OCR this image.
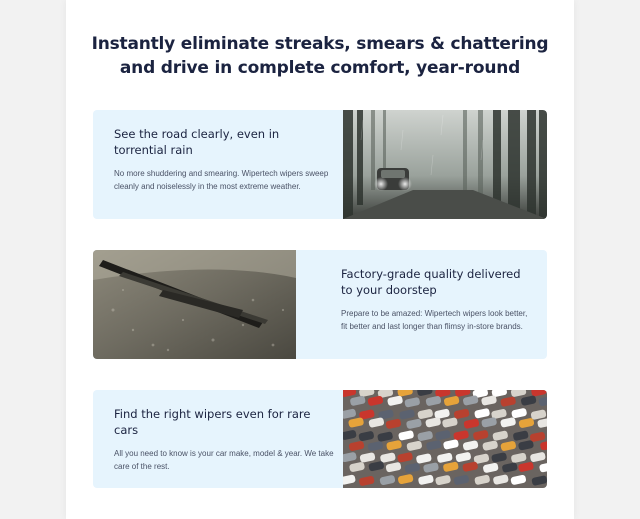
Instantly eliminate streaks, smears & chattering
and drive in complete comfort, year-round
See the road clearly, even in torrential rain

No more shuddering and smearing. Wipertech wipers sweep cleanly and noiselessly in the most extreme weather.

Factory-grade quality delivered to your doorstep

Prepare to be amazed: Wipertech wipers look better, fit better and last longer than flimsy in-store brands.

Find the right wipers even for rare cars

All you need to know is your car make, model & year. We take care of the rest.
